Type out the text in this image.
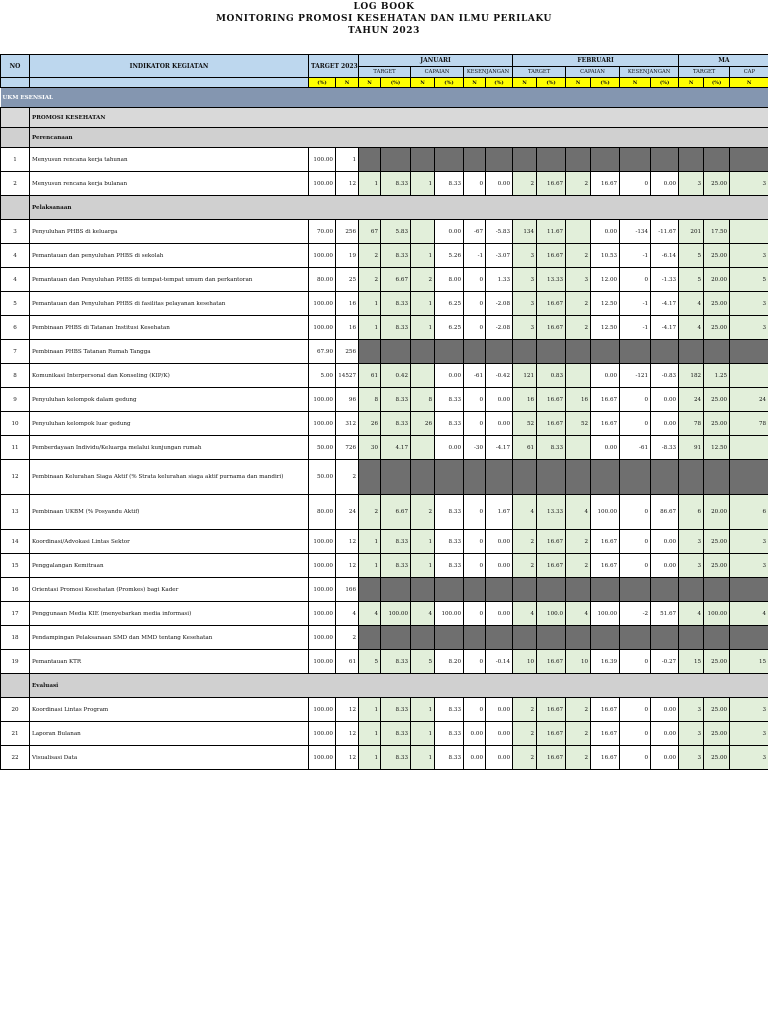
LOG BOOK
MONITORING PROMOSI KESEHATAN DAN ILMU PERILAKU
TAHUN 2023
NO	INDIKATOR KEGIATAN	TARGET 2023		JANUARI						FEBRUARI						MA		
				TARGET		CAPAIAN		KESENJANGAN		TARGET		CAPAIAN		KESENJANGAN		TARGET		CAP
		(%)	N	N	(%)	N	(%)	N	(%)	N	(%)	N	(%)	N	(%)	N	(%)	N
UKM ESENSIAL																		
	PROMOSI KESEHATAN																	
	Perencanaan																	
1	Menyusun rencana kerja tahunan	100.00	1															
2	Menyusun rencana kerja bulanan	100.00	12	1	8.33	1	8.33	0	0.00	2	16.67	2	16.67	0	0.00	3	25.00	3
	Pelaksanaan																	
3	Penyuluhan PHBS di keluarga	70.00	256	67	5.83		0.00	-67	-5.83	134	11.67		0.00	-134	-11.67	201	17.50	
4	Pemantauan dan penyuluhan PHBS di sekolah	100.00	19	2	8.33	1	5.26	-1	-3.07	3	16.67	2	10.53	-1	-6.14	5	25.00	3
4	Pemantauan dan Penyuluhan PHBS di tempat-tempat umum dan perkantoran	80.00	25	2	6.67	2	8.00	0	1.33	3	13.33	3	12.00	0	-1.33	5	20.00	5
5	Pemantauan dan Penyuluhan PHBS di fasilitas pelayanan kesehatan	100.00	16	1	8.33	1	6.25	0	-2.08	3	16.67	2	12.50	-1	-4.17	4	25.00	3
6	Pembinaan PHBS di Tatanan Institusi Kesehatan	100.00	16	1	8.33	1	6.25	0	-2.08	3	16.67	2	12.50	-1	-4.17	4	25.00	3
7	Pembinaan PHBS Tatanan Rumah Tangga	67.90	256															
8	Komunikasi Interpersonal dan Konseling (KIP/K)	5.00	14527	61	0.42		0.00	-61	-0.42	121	0.83		0.00	-121	-0.83	182	1.25	
9	Penyuluhan kelompok dalam gedung	100.00	96	8	8.33	8	8.33	0	0.00	16	16.67	16	16.67	0	0.00	24	25.00	24
10	Penyuluhan kelompok luar gedung	100.00	312	26	8.33	26	8.33	0	0.00	52	16.67	52	16.67	0	0.00	78	25.00	78
11	Pemberdayaan Individu/Keluarga melalui kunjungan rumah	50.00	726	30	4.17		0.00	-30	-4.17	61	8.33		0.00	-61	-8.33	91	12.50	
12	Pembinaan Kelurahan Siaga Aktif (% Strata kelurahan siaga aktif purnama dan mandiri)	50.00	2															
13	Pembinaan UKBM (% Posyandu Aktif)	80.00	24	2	6.67	2	8.33	0	1.67	4	13.33	4	100.00	0	86.67	6	20.00	6
14	Koordinasi/Advokasi Lintas Sektor	100.00	12	1	8.33	1	8.33	0	0.00	2	16.67	2	16.67	0	0.00	3	25.00	3
15	Penggalangan Kemitraan	100.00	12	1	8.33	1	8.33	0	0.00	2	16.67	2	16.67	0	0.00	3	25.00	3
16	Orientasi Promosi Kesehatan (Promkes) bagi Kader	100.00	166															
17	Penggunaan Media KIE (menyebarkan media informasi)	100.00	4	4	100.00	4	100.00	0	0.00	4	100.0	4	100.00	-2	51.67	4	100.00	4
18	Pendampingan Pelaksanaan SMD dan MMD tentang Kesehatan	100.00	2															
19	Pemantauan KTR	100.00	61	5	8.33	5	8.20	0	-0.14	10	16.67	10	16.39	0	-0.27	15	25.00	15
	Evaluasi																	
20	Koordinasi Lintas Program	100.00	12	1	8.33	1	8.33	0	0.00	2	16.67	2	16.67	0	0.00	3	25.00	3
21	Laporan Bulanan	100.00	12	1	8.33	1	8.33	0.00	0.00	2	16.67	2	16.67	0	0.00	3	25.00	3
22	Visualisasi Data	100.00	12	1	8.33	1	8.33	0.00	0.00	2	16.67	2	16.67	0	0.00	3	25.00	3
